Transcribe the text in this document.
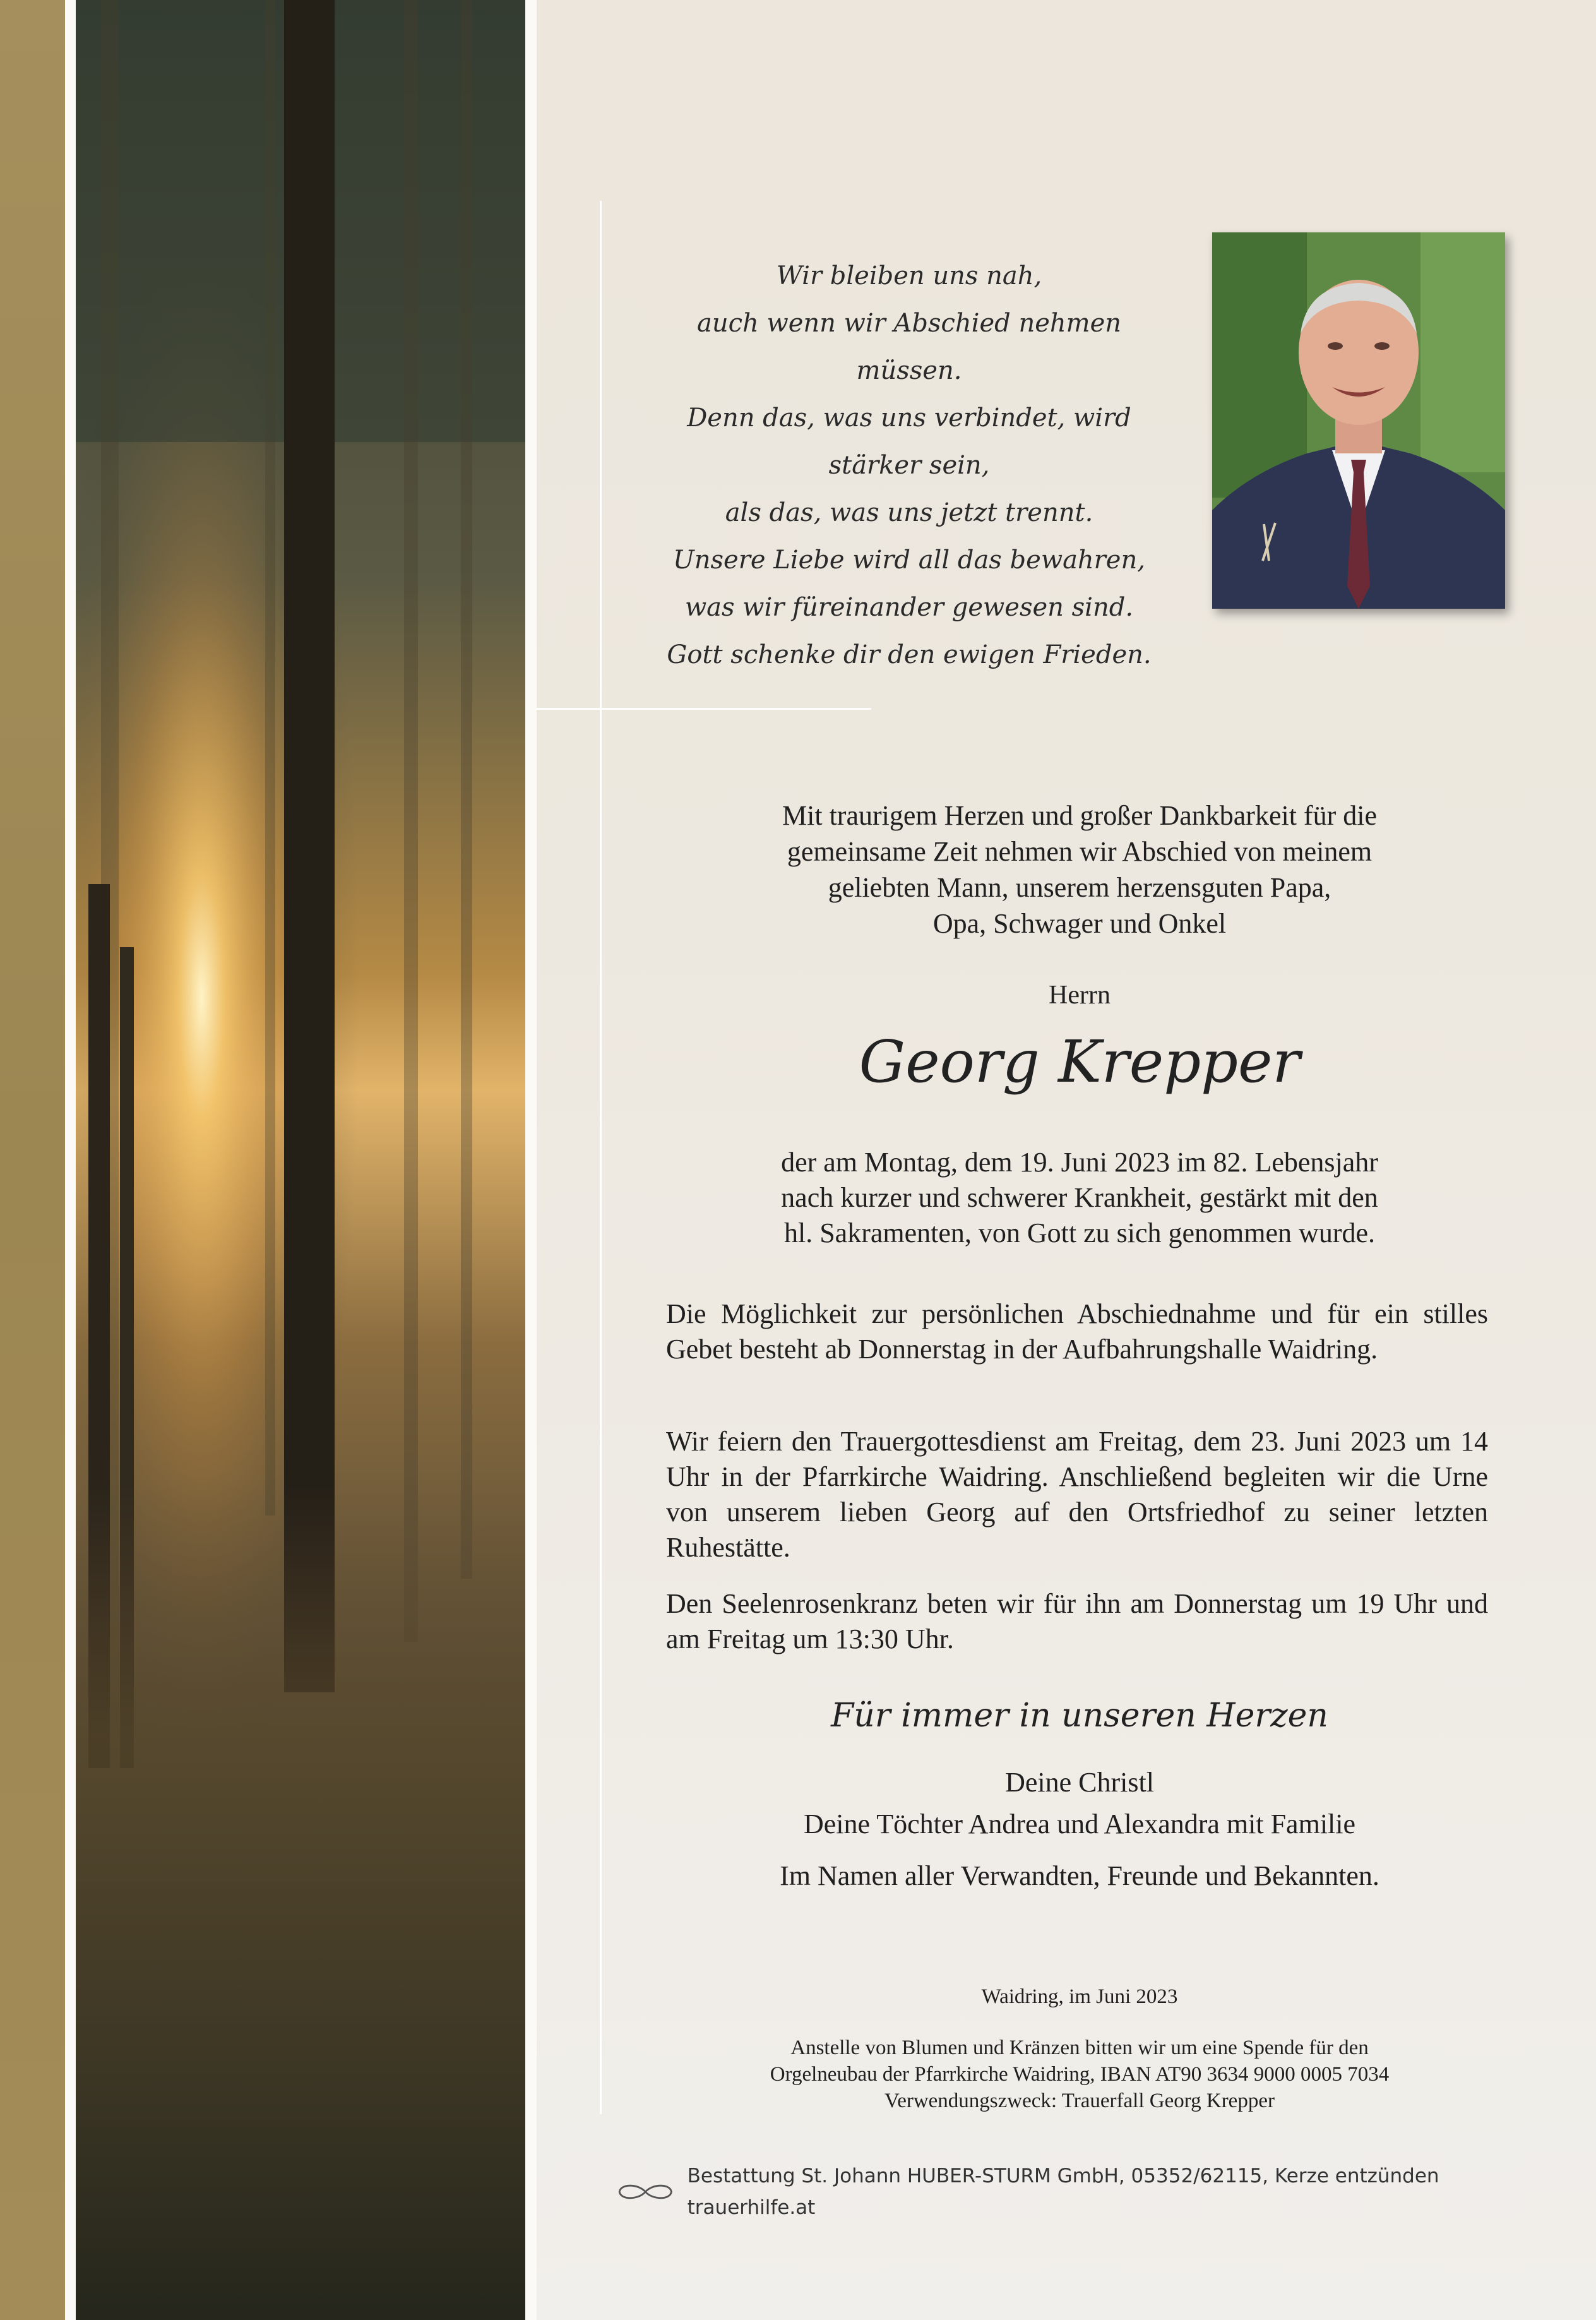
Wir bleiben uns nah,
auch wenn wir Abschied nehmen müssen.
Denn das, was uns verbindet, wird stärker sein,
als das, was uns jetzt trennt.
Unsere Liebe wird all das bewahren,
was wir füreinander gewesen sind.
Gott schenke dir den ewigen Frieden.
Mit traurigem Herzen und großer Dankbarkeit für die
gemeinsame Zeit nehmen wir Abschied von meinem
geliebten Mann, unserem herzensguten Papa,
Opa, Schwager und Onkel
Herrn
Georg Krepper
der am Montag, dem 19. Juni 2023 im 82. Lebensjahr
nach kurzer und schwerer Krankheit, gestärkt mit den
hl. Sakramenten, von Gott zu sich genommen wurde.
Die Möglichkeit zur persönlichen Abschiednahme und für ein stilles Gebet besteht ab Donnerstag in der Aufbahrungshalle Waidring.
Wir feiern den Trauergottesdienst am Freitag, dem 23. Juni 2023 um 14 Uhr in der Pfarrkirche Waidring. Anschließend begleiten wir die Urne von unserem lieben Georg auf den Ortsfriedhof zu seiner letzten Ruhestätte.
Den Seelenrosenkranz beten wir für ihn am Donnerstag um 19 Uhr und am Freitag um 13:30 Uhr.
Für immer in unseren Herzen
Deine Christl
Deine Töchter Andrea und Alexandra mit Familie
Im Namen aller Verwandten, Freunde und Bekannten.
Waidring, im Juni 2023
Anstelle von Blumen und Kränzen bitten wir um eine Spende für den
Orgelneubau der Pfarrkirche Waidring, IBAN AT90 3634 9000 0005 7034
Verwendungszweck: Trauerfall Georg Krepper
Bestattung St. Johann HUBER-STURM GmbH, 05352/62115, Kerze entzünden trauerhilfe.at
